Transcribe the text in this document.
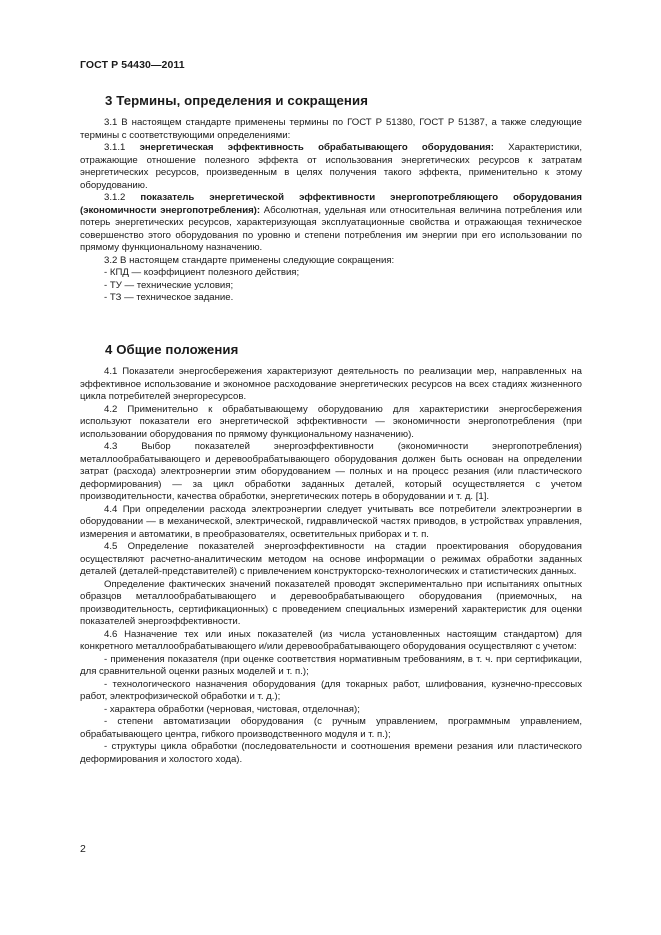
ГОСТ Р 54430—2011
3 Термины, определения и сокращения

3.1 В настоящем стандарте применены термины по ГОСТ Р 51380, ГОСТ Р 51387, а также следующие термины с соответствующими определениями:

3.1.1 энергетическая эффективность обрабатывающего оборудования: Характеристики, отражающие отношение полезного эффекта от использования энергетических ресурсов к затратам энергетических ресурсов, произведенным в целях получения такого эффекта, применительно к этому оборудованию.

3.1.2 показатель энергетической эффективности энергопотребляющего оборудования (экономичности энергопотребления): Абсолютная, удельная или относительная величина потребления или потерь энергетических ресурсов, характеризующая эксплуатационные свойства и отражающая техническое совершенство этого оборудования по уровню и степени потребления им энергии при его использовании по прямому функциональному назначению.

3.2 В настоящем стандарте применены следующие сокращения:

- КПД — коэффициент полезного действия;

- ТУ — технические условия;

- ТЗ — техническое задание.

4 Общие положения

4.1 Показатели энергосбережения характеризуют деятельность по реализации мер, направленных на эффективное использование и экономное расходование энергетических ресурсов на всех стадиях жизненного цикла потребителей энергоресурсов.

4.2 Применительно к обрабатывающему оборудованию для характеристики энергосбережения используют показатели его энергетической эффективности — экономичности энергопотребления (при использовании оборудования по прямому функциональному назначению).

4.3 Выбор показателей энергоэффективности (экономичности энергопотребления) металлообрабатывающего и деревообрабатывающего оборудования должен быть основан на определении затрат (расхода) электроэнергии этим оборудованием — полных и на процесс резания (или пластического деформирования) — за цикл обработки заданных деталей, который осуществляется с учетом производительности, качества обработки, энергетических потерь в оборудовании и т. д. [1].

4.4 При определении расхода электроэнергии следует учитывать все потребители электроэнергии в оборудовании — в механической, электрической, гидравлической частях приводов, в устройствах управления, измерения и автоматики, в преобразователях, осветительных приборах и т. п.

4.5 Определение показателей энергоэффективности на стадии проектирования оборудования осуществляют расчетно-аналитическим методом на основе информации о режимах обработки заданных деталей (деталей-представителей) с привлечением конструкторско-технологических и статистических данных.

Определение фактических значений показателей проводят экспериментально при испытаниях опытных образцов металлообрабатывающего и деревообрабатывающего оборудования (приемочных, на производительность, сертификационных) с проведением специальных измерений характеристик для оценки показателей энергоэффективности.

4.6 Назначение тех или иных показателей (из числа установленных настоящим стандартом) для конкретного металлообрабатывающего и/или деревообрабатывающего оборудования осуществляют с учетом:

- применения показателя (при оценке соответствия нормативным требованиям, в т. ч. при сертификации, для сравнительной оценки разных моделей и т. п.);

- технологического назначения оборудования (для токарных работ, шлифования, кузнечно-прессовых работ, электрофизической обработки и т. д.);

- характера обработки (черновая, чистовая, отделочная);

- степени автоматизации оборудования (с ручным управлением, программным управлением, обрабатывающего центра, гибкого производственного модуля и т. п.);

- структуры цикла обработки (последовательности и соотношения времени резания или пластического деформирования и холостого хода).

2
